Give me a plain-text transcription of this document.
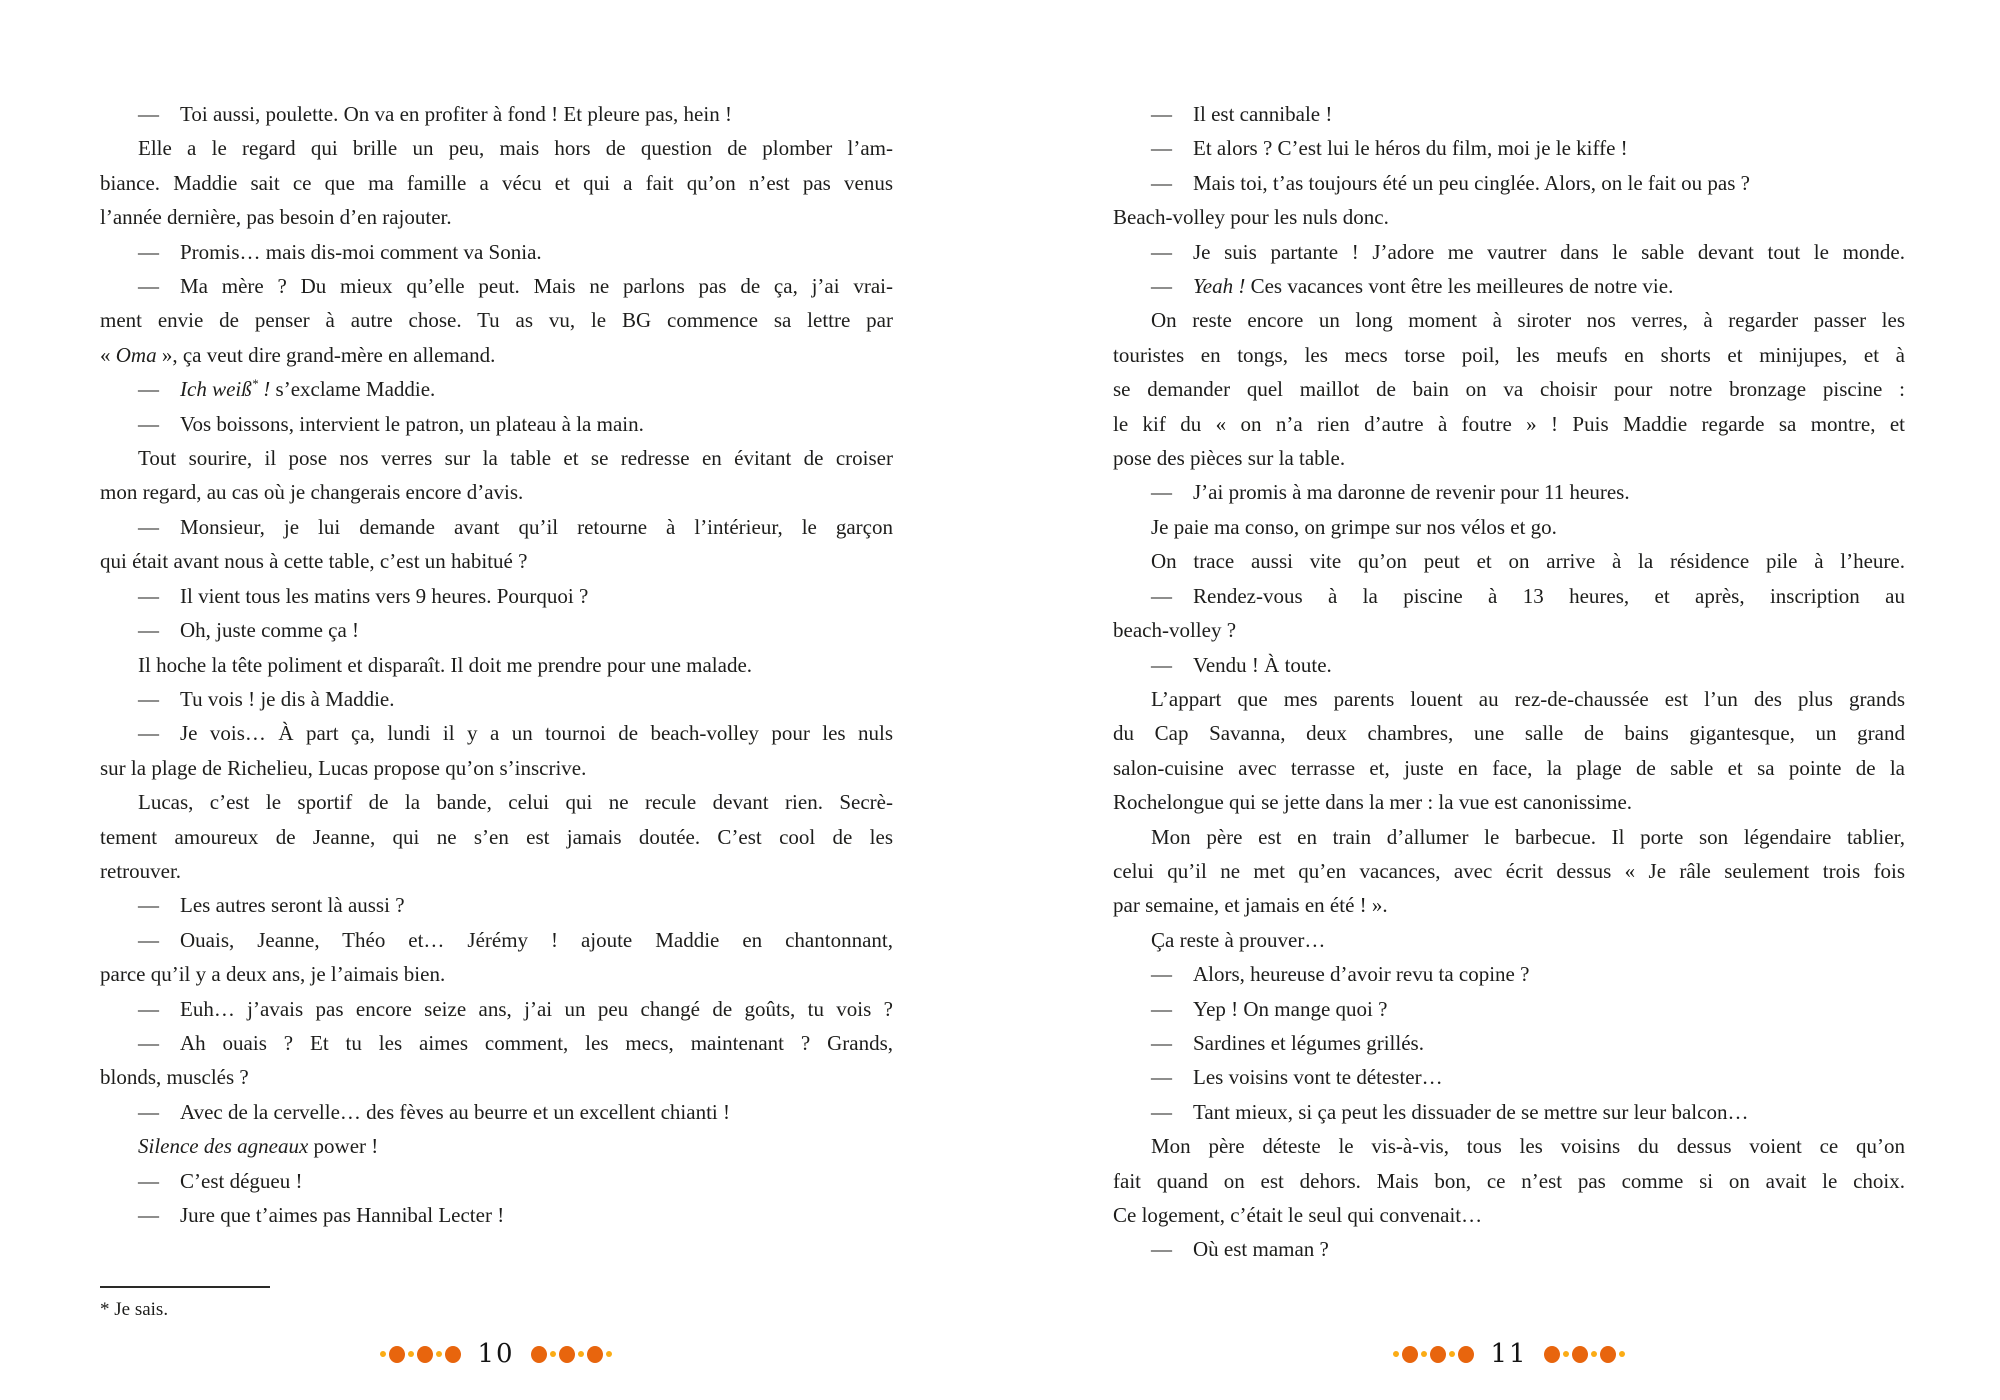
— Toi aussi, poulette. On va en profiter à fond ! Et pleure pas, hein !
Elle a le regard qui brille un peu, mais hors de question de plomber l’am-
biance. Maddie sait ce que ma famille a vécu et qui a fait qu’on n’est pas venus
l’année dernière, pas besoin d’en rajouter.
— Promis… mais dis-moi comment va Sonia.
— Ma mère ? Du mieux qu’elle peut. Mais ne parlons pas de ça, j’ai vrai-
ment envie de penser à autre chose. Tu as vu, le BG commence sa lettre par
« Oma », ça veut dire grand-mère en allemand.
— Ich weiß* ! s’exclame Maddie.
— Vos boissons, intervient le patron, un plateau à la main.
Tout sourire, il pose nos verres sur la table et se redresse en évitant de croiser
mon regard, au cas où je changerais encore d’avis.
— Monsieur, je lui demande avant qu’il retourne à l’intérieur, le garçon
qui était avant nous à cette table, c’est un habitué ?
— Il vient tous les matins vers 9 heures. Pourquoi ?
— Oh, juste comme ça !
Il hoche la tête poliment et disparaît. Il doit me prendre pour une malade.
— Tu vois ! je dis à Maddie.
— Je vois… À part ça, lundi il y a un tournoi de beach-volley pour les nuls
sur la plage de Richelieu, Lucas propose qu’on s’inscrive.
Lucas, c’est le sportif de la bande, celui qui ne recule devant rien. Secrè-
tement amoureux de Jeanne, qui ne s’en est jamais doutée. C’est cool de les
retrouver.
— Les autres seront là aussi ?
— Ouais, Jeanne, Théo et… Jérémy ! ajoute Maddie en chantonnant,
parce qu’il y a deux ans, je l’aimais bien.
— Euh… j’avais pas encore seize ans, j’ai un peu changé de goûts, tu vois ?
— Ah ouais ? Et tu les aimes comment, les mecs, maintenant ? Grands,
blonds, musclés ?
— Avec de la cervelle… des fèves au beurre et un excellent chianti !
Silence des agneaux power !
— C’est dégueu !
— Jure que t’aimes pas Hannibal Lecter !
* Je sais.
— Il est cannibale !
— Et alors ? C’est lui le héros du film, moi je le kiffe !
— Mais toi, t’as toujours été un peu cinglée. Alors, on le fait ou pas ?
Beach-volley pour les nuls donc.
— Je suis partante ! J’adore me vautrer dans le sable devant tout le monde.
— Yeah ! Ces vacances vont être les meilleures de notre vie.
On reste encore un long moment à siroter nos verres, à regarder passer les
touristes en tongs, les mecs torse poil, les meufs en shorts et minijupes, et à
se demander quel maillot de bain on va choisir pour notre bronzage piscine :
le kif du « on n’a rien d’autre à foutre » ! Puis Maddie regarde sa montre, et
pose des pièces sur la table.
— J’ai promis à ma daronne de revenir pour 11 heures.
Je paie ma conso, on grimpe sur nos vélos et go.
On trace aussi vite qu’on peut et on arrive à la résidence pile à l’heure.
— Rendez-vous à la piscine à 13 heures, et après, inscription au
beach-volley ?
— Vendu ! À toute.
L’appart que mes parents louent au rez-de-chaussée est l’un des plus grands
du Cap Savanna, deux chambres, une salle de bains gigantesque, un grand
salon-cuisine avec terrasse et, juste en face, la plage de sable et sa pointe de la
Rochelongue qui se jette dans la mer : la vue est canonissime.
Mon père est en train d’allumer le barbecue. Il porte son légendaire tablier,
celui qu’il ne met qu’en vacances, avec écrit dessus « Je râle seulement trois fois
par semaine, et jamais en été ! ».
Ça reste à prouver…
— Alors, heureuse d’avoir revu ta copine ?
— Yep ! On mange quoi ?
— Sardines et légumes grillés.
— Les voisins vont te détester…
— Tant mieux, si ça peut les dissuader de se mettre sur leur balcon…
Mon père déteste le vis-à-vis, tous les voisins du dessus voient ce qu’on
fait quand on est dehors. Mais bon, ce n’est pas comme si on avait le choix.
Ce logement, c’était le seul qui convenait…
— Où est maman ?
10	11
